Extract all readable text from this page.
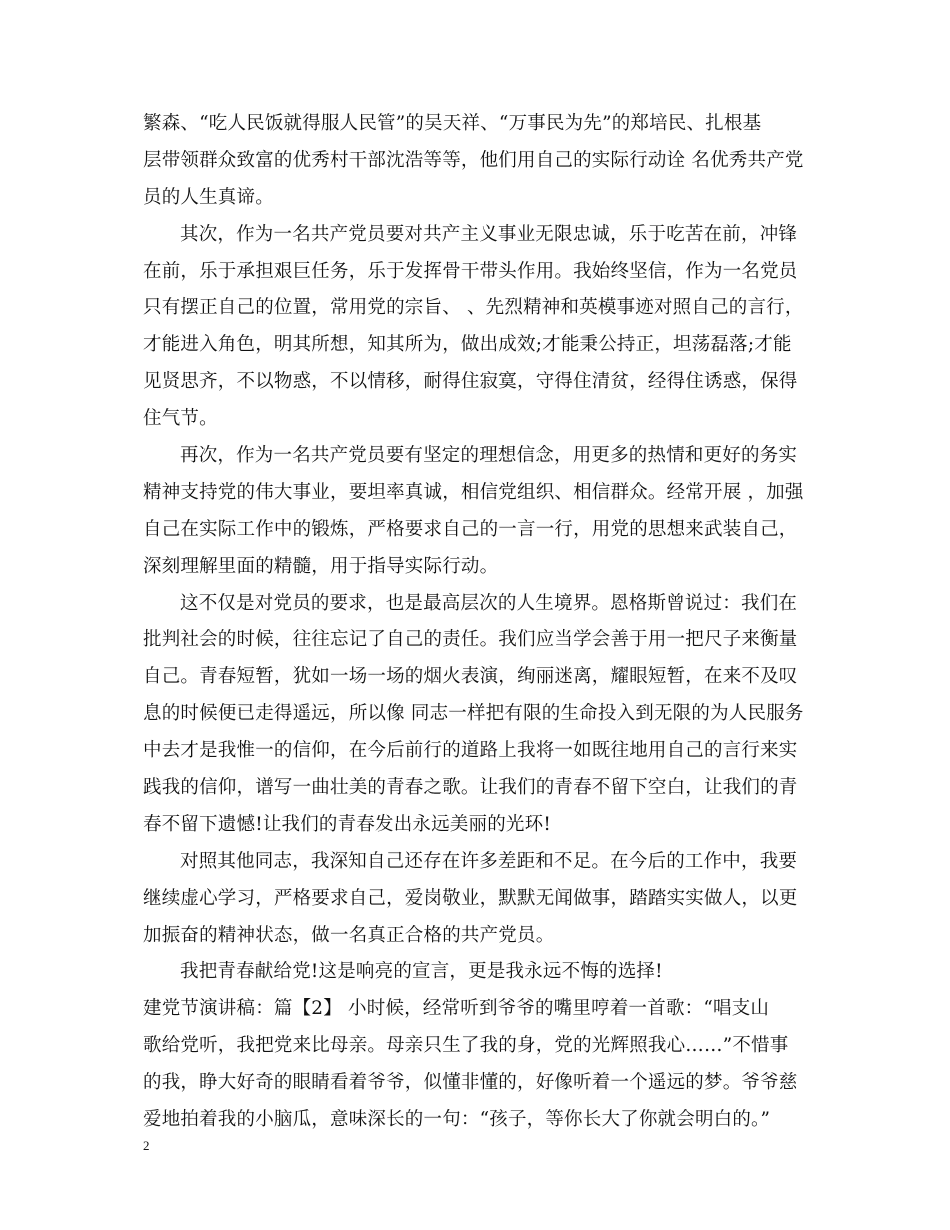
繁森、“吃人民饭就得服人民管”的吴天祥、“万事民为先”的郑培民、扎根基
层带领群众致富的优秀村干部沈浩等等，他们用自己的实际行动诠 名优秀共产党
员的人生真谛。
其次，作为一名共产党员要对共产主义事业无限忠诚，乐于吃苦在前，冲锋
在前，乐于承担艰巨任务，乐于发挥骨干带头作用。我始终坚信，作为一名党员
只有摆正自己的位置，常用党的宗旨、 、先烈精神和英模事迹对照自己的言行，
才能进入角色，明其所想，知其所为，做出成效;才能秉公持正，坦荡磊落;才能
见贤思齐，不以物惑，不以情移，耐得住寂寞，守得住清贫，经得住诱惑，保得
住气节。
再次，作为一名共产党员要有坚定的理想信念，用更多的热情和更好的务实
精神支持党的伟大事业，要坦率真诚，相信党组织、相信群众。经常开展 ，加强
自己在实际工作中的锻炼，严格要求自己的一言一行，用党的思想来武装自己，
深刻理解里面的精髓，用于指导实际行动。
这不仅是对党员的要求，也是最高层次的人生境界。恩格斯曾说过：我们在
批判社会的时候，往往忘记了自己的责任。我们应当学会善于用一把尺子来衡量
自己。青春短暂，犹如一场一场的烟火表演，绚丽迷离，耀眼短暂，在来不及叹
息的时候便已走得遥远，所以像 同志一样把有限的生命投入到无限的为人民服务
中去才是我惟一的信仰，在今后前行的道路上我将一如既往地用自己的言行来实
践我的信仰，谱写一曲壮美的青春之歌。让我们的青春不留下空白，让我们的青
春不留下遗憾!让我们的青春发出永远美丽的光环!
对照其他同志，我深知自己还存在许多差距和不足。在今后的工作中，我要
继续虚心学习，严格要求自己，爱岗敬业，默默无闻做事，踏踏实实做人，以更
加振奋的精神状态，做一名真正合格的共产党员。
我把青春献给党!这是响亮的宣言，更是我永远不悔的选择!
建党节演讲稿：篇【2】 小时候，经常听到爷爷的嘴里哼着一首歌：“唱支山
歌给党听，我把党来比母亲。母亲只生了我的身，党的光辉照我心……”不惜事
的我，睁大好奇的眼睛看着爷爷，似懂非懂的，好像听着一个遥远的梦。爷爷慈
爱地拍着我的小脑瓜，意味深长的一句：“孩子，等你长大了你就会明白的。”
2
